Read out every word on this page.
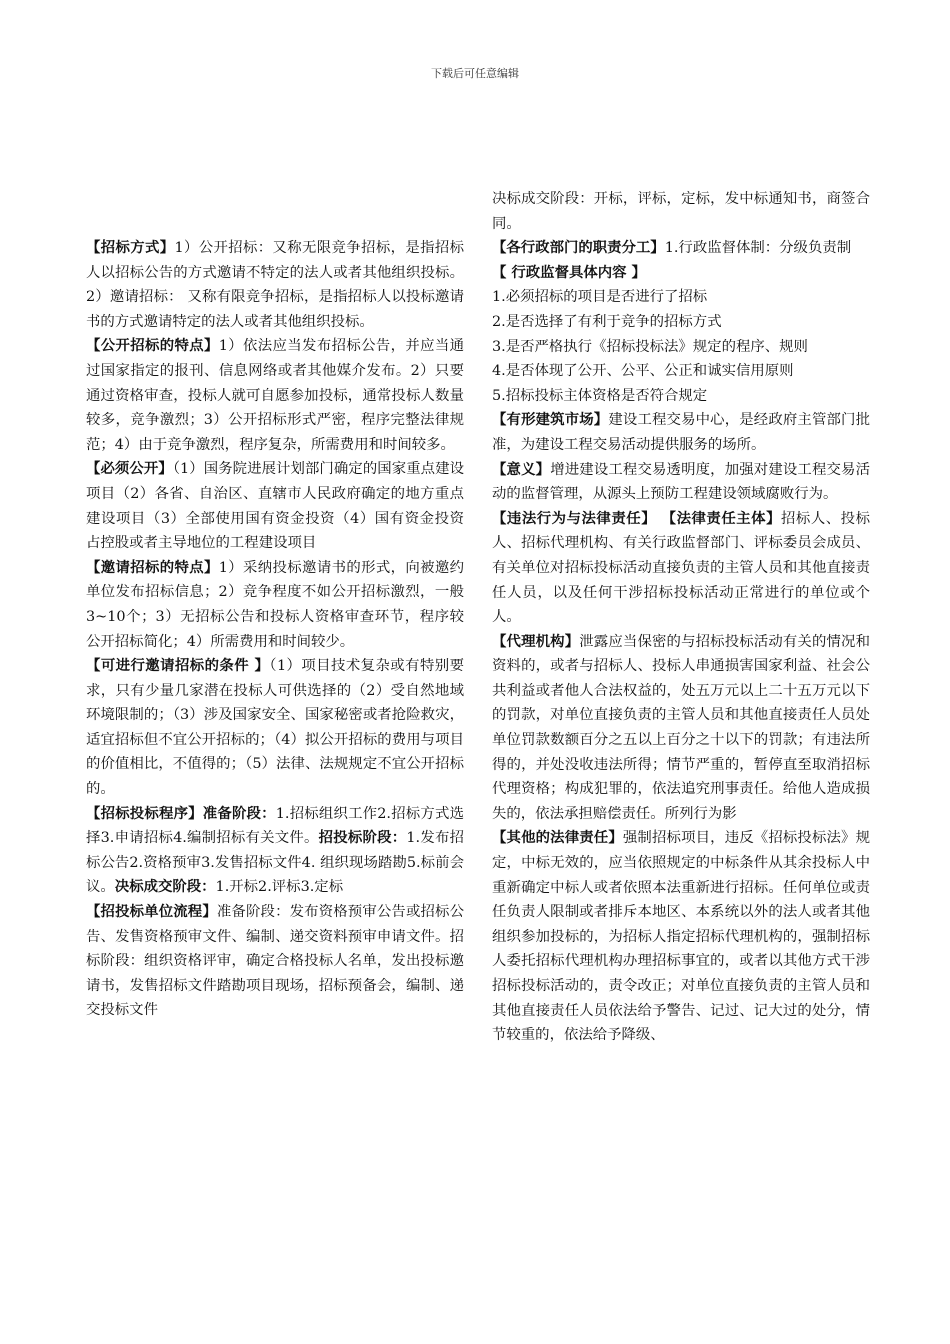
下载后可任意编辑

【招标方式】1）公开招标：又称无限竞争招标，是指招标人以招标公告的方式邀请不特定的法人或者其他组织投标。2）邀请招标： 又称有限竞争招标，是指招标人以投标邀请书的方式邀请特定的法人或者其他组织投标。

【公开招标的特点】1）依法应当发布招标公告，并应当通过国家指定的报刊、信息网络或者其他媒介发布。2）只要通过资格审查，投标人就可自愿参加投标，通常投标人数量较多，竞争激烈；3）公开招标形式严密，程序完整法律规范；4）由于竞争激烈，程序复杂，所需费用和时间较多。

【必须公开】（1）国务院进展计划部门确定的国家重点建设项目（2）各省、自治区、直辖市人民政府确定的地方重点建设项目（3）全部使用国有资金投资（4）国有资金投资占控股或者主导地位的工程建设项目

【邀请招标的特点】1）采纳投标邀请书的形式，向被邀约单位发布招标信息；2）竞争程度不如公开招标激烈，一般3~10个；3）无招标公告和投标人资格审查环节，程序较公开招标简化；4）所需费用和时间较少。

【可进行邀请招标的条件 】（1）项目技术复杂或有特别要求，只有少量几家潜在投标人可供选择的（2）受自然地域环境限制的；（3）涉及国家安全、国家秘密或者抢险救灾，适宜招标但不宜公开招标的；（4）拟公开招标的费用与项目的价值相比，不值得的；（5）法律、法规规定不宜公开招标的。

【招标投标程序】准备阶段：1.招标组织工作2.招标方式选择3.申请招标4.编制招标有关文件。招投标阶段：1.发布招标公告2.资格预审3.发售招标文件4. 组织现场踏勘5.标前会议。决标成交阶段：1.开标2.评标3.定标

【招投标单位流程】准备阶段：发布资格预审公告或招标公告、发售资格预审文件、编制、递交资料预审申请文件。招标阶段：组织资格评审，确定合格投标人名单，发出投标邀请书，发售招标文件踏勘项目现场，招标预备会，编制、递交投标文件

决标成交阶段：开标，评标，定标，发中标通知书，商签合同。

【各行政部门的职责分工】1.行政监督体制：分级负责制

【 行政监督具体内容 】

1.必须招标的项目是否进行了招标

2.是否选择了有利于竞争的招标方式

3.是否严格执行《招标投标法》规定的程序、规则

4.是否体现了公开、公平、公正和诚实信用原则

5.招标投标主体资格是否符合规定

【有形建筑市场】建设工程交易中心，是经政府主管部门批准，为建设工程交易活动提供服务的场所。

【意义】增进建设工程交易透明度，加强对建设工程交易活动的监督管理，从源头上预防工程建设领域腐败行为。

【违法行为与法律责任】 【法律责任主体】招标人、投标人、招标代理机构、有关行政监督部门、评标委员会成员、有关单位对招标投标活动直接负责的主管人员和其他直接责任人员，以及任何干涉招标投标活动正常进行的单位或个人。

【代理机构】泄露应当保密的与招标投标活动有关的情况和资料的，或者与招标人、投标人串通损害国家利益、社会公共利益或者他人合法权益的，处五万元以上二十五万元以下的罚款，对单位直接负责的主管人员和其他直接责任人员处单位罚款数额百分之五以上百分之十以下的罚款；有违法所得的，并处没收违法所得；情节严重的，暂停直至取消招标代理资格；构成犯罪的，依法追究刑事责任。给他人造成损失的，依法承担赔偿责任。所列行为影

【其他的法律责任】强制招标项目，违反《招标投标法》规定，中标无效的，应当依照规定的中标条件从其余投标人中重新确定中标人或者依照本法重新进行招标。任何单位或责任负责人限制或者排斥本地区、本系统以外的法人或者其他组织参加投标的，为招标人指定招标代理机构的，强制招标人委托招标代理机构办理招标事宜的，或者以其他方式干涉招标投标活动的，责令改正；对单位直接负责的主管人员和其他直接责任人员依法给予警告、记过、记大过的处分，情节较重的，依法给予降级、
